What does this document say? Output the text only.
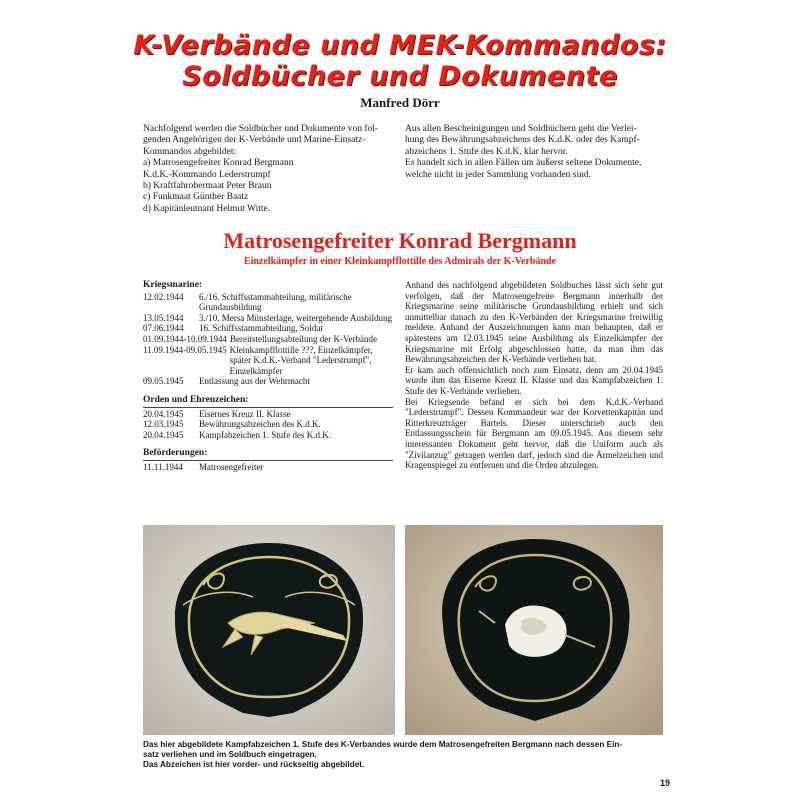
K-Verbände und MEK-Kommandos:
Soldbücher und Dokumente
Manfred Dörr

Nachfolgend werden die Soldbücher und Dokumente von fol-

genden Angehörigen der K-Verbände und Marine-Einsatz-

Kommandos abgebildet:

a) Matrosengefreiter Konrad Bergmann

K.d.K.-Kommando Lederstrumpf

b) Kraftfahrobermaat Peter Braun

c) Funkmaat Günther Baatz

d) Kapitänleutnant Helmut Witte.

Aus allen Bescheinigungen und Soldbüchern geht die Verlei-

hung des Bewährungsabzeichens des K.d.K. oder des Kampf-

abzeichens 1. Stufe des K.d.K. klar hervor.

Es handelt sich in allen Fällen um äußerst seltene Dokumente,

welche nicht in jeder Sammlung vorhanden sind.

Matrosengefreiter Konrad Bergmann
Einzelkämpfer in einer Kleinkampfflottille des Admirals der K-Verbände
Kriegsmarine:
12.02.1944	6./16. Schiffsstammabteilung, militärische Grundausbildung
13.05.1944	3./10. Mersa Münsterlage, weitergehende Ausbildung
07.06.1944	16. Schiffsstammabteilung, Soldat
01.09.1944-10.09.1944 Bereitstellungsabteilung der K-Verbände
11.09.1944-09.05.1945 Kleinkampfflottille ???, Einzelkämpfer, später K.d.K.-Verband "Lederstrumpf", Einzelkämpfer
09.05.1945	Entlassung aus der Wehrmacht
Orden und Ehrenzeichen:
20.04.1945	Eisernes Kreuz II. Klasse
12.03.1945	Bewährungsabzeichen des K.d.K.
20.04.1945	Kampfabzeichen 1. Stufe des K.d.K.
Beförderungen:
11.11.1944	Matrosengefreiter

Anhand des nachfolgend abgebildeten Soldbuches lässt sich sehr gut verfolgen, daß der Matrosengefreite Bergmann innerhalb der Kriegsmarine seine militärische Grundausbildung erhielt und sich unmittelbar danach zu den K-Verbänden der Kriegsmarine freiwillig meldete. Anhand der Auszeichnungen kann man behaupten, daß er spätestens am 12.03.1945 seine Ausbildung als Einzelkämpfer der Kriegsmarine mit Erfolg abgeschlossen hatte, da man ihm das Bewährungsabzeichen der K-Verbände verliehen hat.

Er kam auch offensichtlich noch zum Einsatz, denn am 20.04.1945 wurde ihm das Eiserne Kreuz II. Klasse und das Kampfabzeichen 1. Stufe der K-Verbände verliehen.

Bei Kriegsende befand er sich bei dem K.d.K.-Verband "Lederstrumpf". Dessen Kommandeur war der Korvettenkapitän und Ritterkreuzträger Bartels. Dieser unterschrieb auch den Entlassungsschein für Bergmann am 09.05.1945. Aus diesem sehr interessanten Dokument geht hervor, daß die Uniform auch als "Zivilanzug" getragen werden darf, jedoch sind die Ärmelzeichen und Kragenspiegel zu entfernen und die Orden abzulegen.

Das hier abgebildete Kampfabzeichen 1. Stufe des K-Verbandes wurde dem Matrosengefreiten Bergmann nach dessen Ein-

satz verliehen und im Soldbuch eingetragen.

Das Abzeichen ist hier vorder- und rückseitig abgebildet.

19
